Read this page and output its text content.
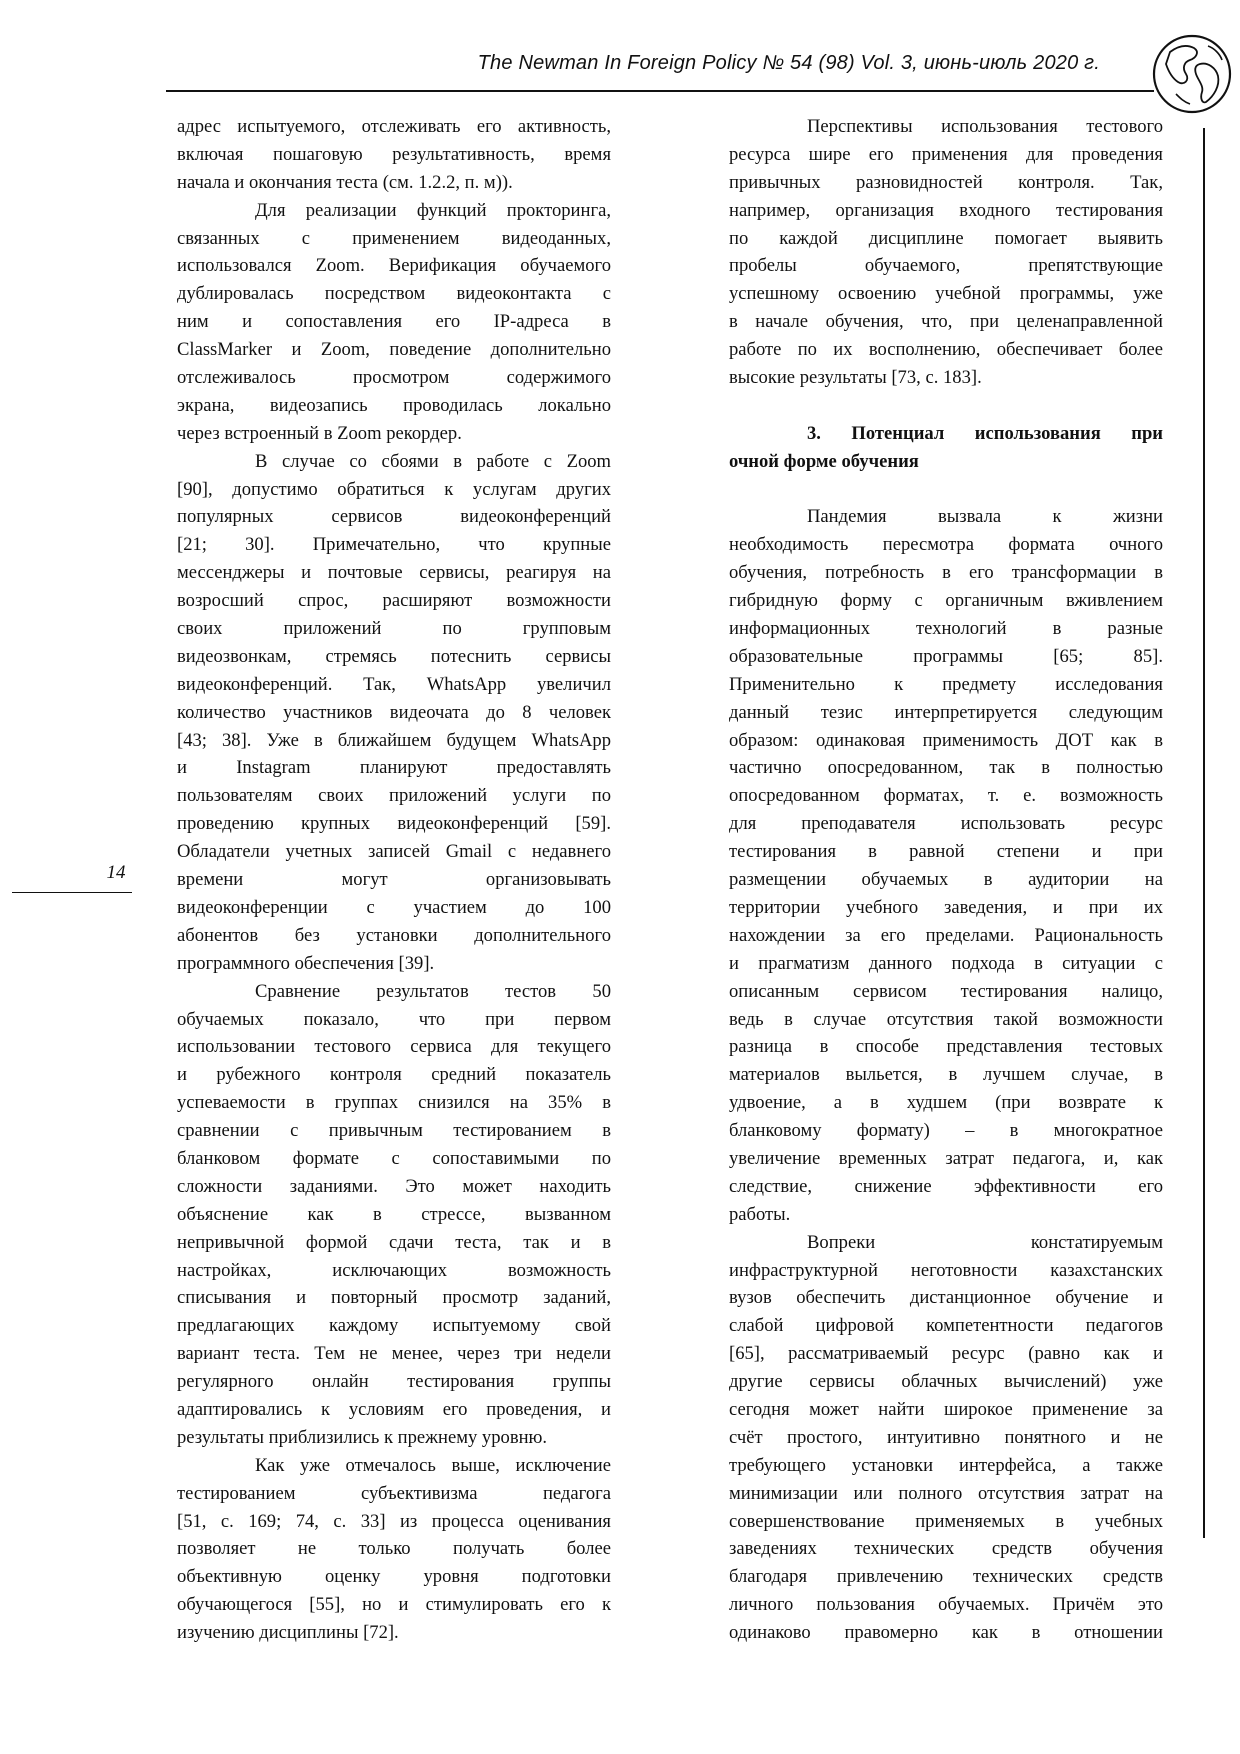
The Newman In Foreign Policy № 54 (98) Vol. 3, июнь-июль 2020 г.
14
адрес испытуемого, отслеживать его активность,
включая пошаговую результативность, время
начала и окончания теста (см. 1.2.2, п. м)).
Для реализации функций прокторинга,
связанных с применением видеоданных,
использовался Zoom. Верификация обучаемого
дублировалась посредством видеоконтакта с
ним и сопоставления его IP-адреса в
ClassMarker и Zoom, поведение дополнительно
отслеживалось просмотром содержимого
экрана, видеозапись проводилась локально
через встроенный в Zoom рекордер.
В случае со сбоями в работе с Zoom
[90], допустимо обратиться к услугам других
популярных сервисов видеоконференций
[21; 30]. Примечательно, что крупные
мессенджеры и почтовые сервисы, реагируя на
возросший спрос, расширяют возможности
своих приложений по групповым
видеозвонкам, стремясь потеснить сервисы
видеоконференций. Так, WhatsApp увеличил
количество участников видеочата до 8 человек
[43; 38]. Уже в ближайшем будущем WhatsApp
и Instagram планируют предоставлять
пользователям своих приложений услуги по
проведению крупных видеоконференций [59].
Обладатели учетных записей Gmail с недавнего
времени могут организовывать
видеоконференции с участием до 100
абонентов без установки дополнительного
программного обеспечения [39].
Сравнение результатов тестов 50
обучаемых показало, что при первом
использовании тестового сервиса для текущего
и рубежного контроля средний показатель
успеваемости в группах снизился на 35% в
сравнении с привычным тестированием в
бланковом формате с сопоставимыми по
сложности заданиями. Это может находить
объяснение как в стрессе, вызванном
непривычной формой сдачи теста, так и в
настройках, исключающих возможность
списывания и повторный просмотр заданий,
предлагающих каждому испытуемому свой
вариант теста. Тем не менее, через три недели
регулярного онлайн тестирования группы
адаптировались к условиям его проведения, и
результаты приблизились к прежнему уровню.
Как уже отмечалось выше, исключение
тестированием субъективизма педагога
[51, с. 169; 74, с. 33] из процесса оценивания
позволяет не только получать более
объективную оценку уровня подготовки
обучающегося [55], но и стимулировать его к
изучению дисциплины [72].
Перспективы использования тестового
ресурса шире его применения для проведения
привычных разновидностей контроля. Так,
например, организация входного тестирования
по каждой дисциплине помогает выявить
пробелы обучаемого, препятствующие
успешному освоению учебной программы, уже
в начале обучения, что, при целенаправленной
работе по их восполнению, обеспечивает более
высокие результаты [73, с. 183].
3. Потенциал использования при
очной форме обучения
Пандемия вызвала к жизни
необходимость пересмотра формата очного
обучения, потребность в его трансформации в
гибридную форму с органичным вживлением
информационных технологий в разные
образовательные программы [65; 85].
Применительно к предмету исследования
данный тезис интерпретируется следующим
образом: одинаковая применимость ДОТ как в
частично опосредованном, так в полностью
опосредованном форматах, т. е. возможность
для преподавателя использовать ресурс
тестирования в равной степени и при
размещении обучаемых в аудитории на
территории учебного заведения, и при их
нахождении за его пределами. Рациональность
и прагматизм данного подхода в ситуации с
описанным сервисом тестирования налицо,
ведь в случае отсутствия такой возможности
разница в способе представления тестовых
материалов выльется, в лучшем случае, в
удвоение, а в худшем (при возврате к
бланковому формату) – в многократное
увеличение временных затрат педагога, и, как
следствие, снижение эффективности его
работы.
Вопреки констатируемым
инфраструктурной неготовности казахстанских
вузов обеспечить дистанционное обучение и
слабой цифровой компетентности педагогов
[65], рассматриваемый ресурс (равно как и
другие сервисы облачных вычислений) уже
сегодня может найти широкое применение за
счёт простого, интуитивно понятного и не
требующего установки интерфейса, а также
минимизации или полного отсутствия затрат на
совершенствование применяемых в учебных
заведениях технических средств обучения
благодаря привлечению технических средств
личного пользования обучаемых. Причём это
одинаково правомерно как в отношении
